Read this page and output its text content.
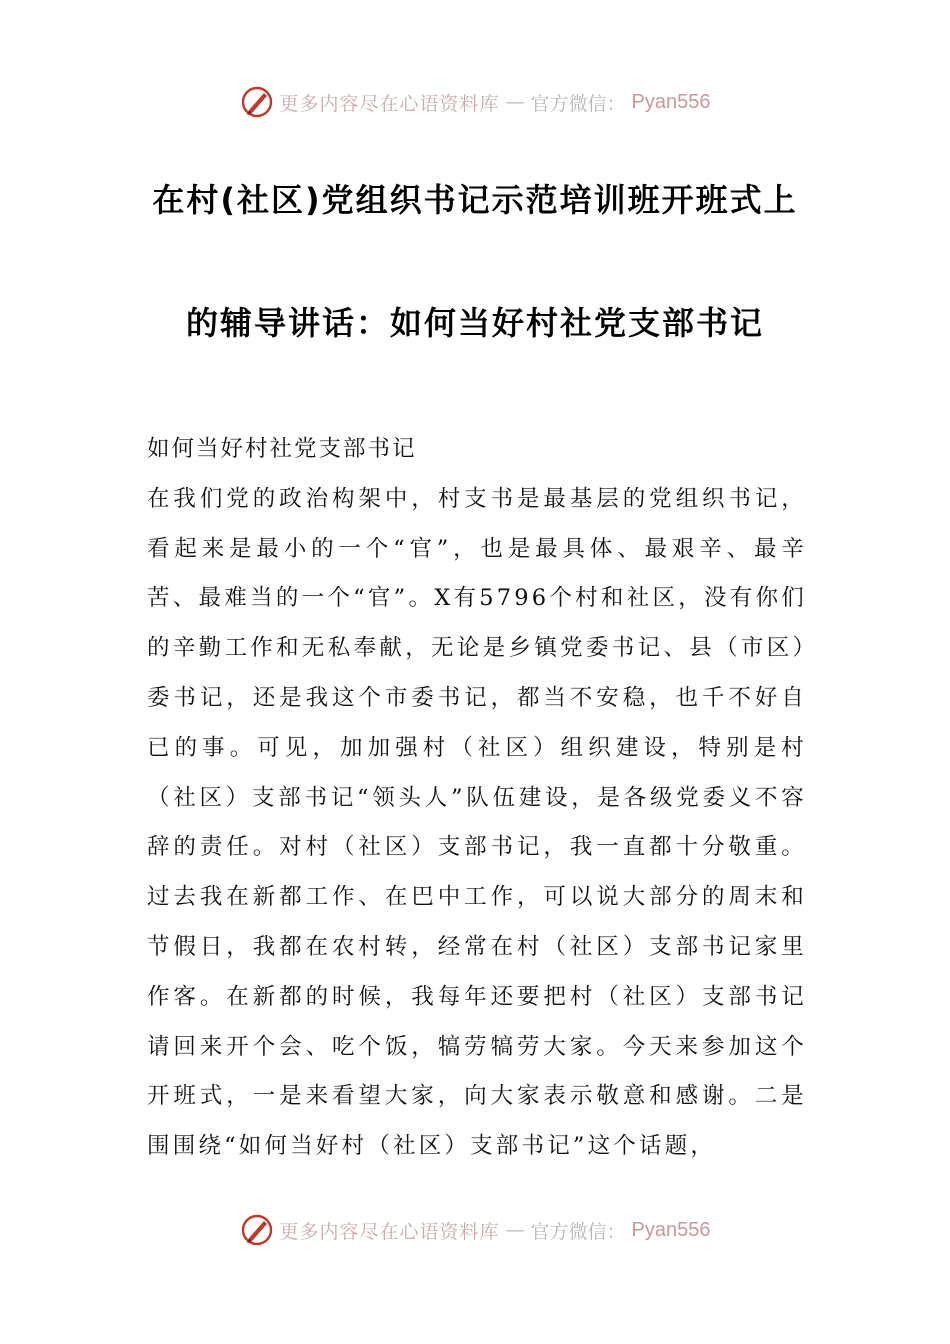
更多内容尽在心语资料库 — 官方微信： Pyan556
在村(社区)党组织书记示范培训班开班式上
的辅导讲话：如何当好村社党支部书记

如何当好村社党支部书记

在我们党的政治构架中，村支书是最基层的党组织书记，看起来是最小的一个“官”，也是最具体、最艰辛、最辛苦、最难当的一个“官”。X有5796个村和社区，没有你们的辛勤工作和无私奉献，无论是乡镇党委书记、县（市区）委书记，还是我这个市委书记，都当不安稳，也千不好自已的事。可见，加加强村（社区）组织建设，特别是村（社区）支部书记“领头人”队伍建设，是各级党委义不容辞的责任。对村（社区）支部书记，我一直都十分敬重。过去我在新都工作、在巴中工作，可以说大部分的周末和节假日，我都在农村转，经常在村（社区）支部书记家里作客。在新都的时候，我每年还要把村（社区）支部书记请回来开个会、吃个饭，犒劳犒劳大家。今天来参加这个开班式，一是来看望大家，向大家表示敬意和感谢。二是围围绕“如何当好村（社区）支部书记”这个话题，

更多内容尽在心语资料库 — 官方微信： Pyan556
